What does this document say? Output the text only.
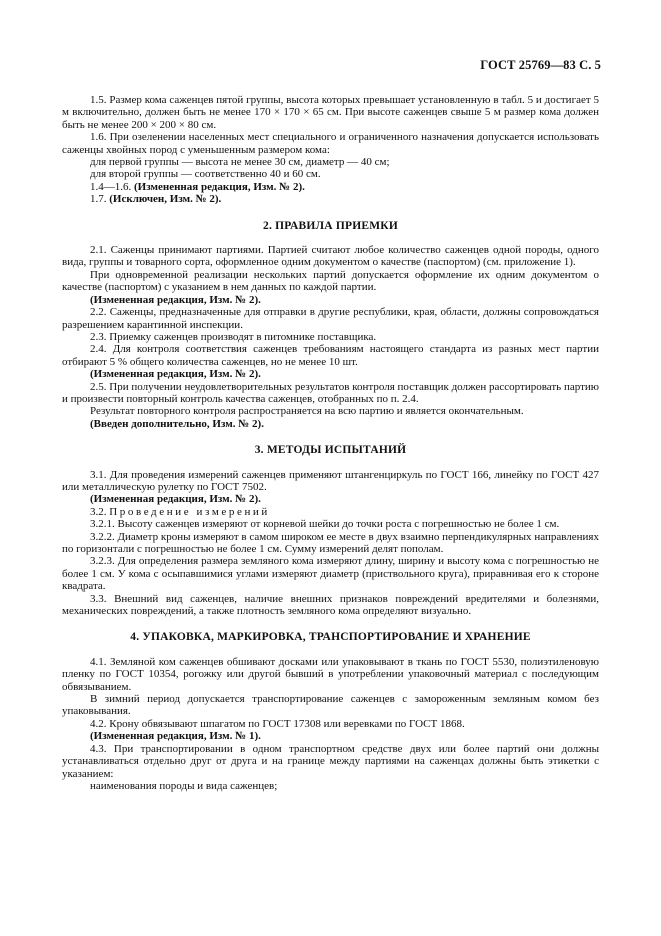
ГОСТ 25769—83 С. 5

1.5. Размер кома саженцев пятой группы, высота которых превышает установленную в табл. 5 и достигает 5 м включительно, должен быть не менее 170 × 170 × 65 см. При высоте саженцев свыше 5 м размер кома должен быть не менее 200 × 200 × 80 см.

1.6. При озеленении населенных мест специального и ограниченного назначения допускается использовать саженцы хвойных пород с уменьшенным размером кома:

для первой группы — высота не менее 30 см, диаметр — 40 см;

для второй группы — соответственно 40 и 60 см.

1.4—1.6. (Измененная редакция, Изм. № 2).

1.7. (Исключен, Изм. № 2).

2. ПРАВИЛА ПРИЕМКИ

2.1. Саженцы принимают партиями. Партией считают любое количество саженцев одной породы, одного вида, группы и товарного сорта, оформленное одним документом о качестве (паспортом) (см. приложение 1).

При одновременной реализации нескольких партий допускается оформление их одним документом о качестве (паспортом) с указанием в нем данных по каждой партии.

(Измененная редакция, Изм. № 2).

2.2. Саженцы, предназначенные для отправки в другие республики, края, области, должны сопровождаться разрешением карантинной инспекции.

2.3. Приемку саженцев производят в питомнике поставщика.

2.4. Для контроля соответствия саженцев требованиям настоящего стандарта из разных мест партии отбирают 5 % общего количества саженцев, но не менее 10 шт.

(Измененная редакция, Изм. № 2).

2.5. При получении неудовлетворительных результатов контроля поставщик должен рассортировать партию и произвести повторный контроль качества саженцев, отобранных по п. 2.4.

Результат повторного контроля распространяется на всю партию и является окончательным.

(Введен дополнительно, Изм. № 2).

3. МЕТОДЫ ИСПЫТАНИЙ

3.1. Для проведения измерений саженцев применяют штангенциркуль по ГОСТ 166, линейку по ГОСТ 427 или металлическую рулетку по ГОСТ 7502.

(Измененная редакция, Изм. № 2).

3.2. Проведение измерений

3.2.1. Высоту саженцев измеряют от корневой шейки до точки роста с погрешностью не более 1 см.

3.2.2. Диаметр кроны измеряют в самом широком ее месте в двух взаимно перпендикулярных направлениях по горизонтали с погрешностью не более 1 см. Сумму измерений делят пополам.

3.2.3. Для определения размера земляного кома измеряют длину, ширину и высоту кома с погрешностью не более 1 см. У кома с осыпавшимися углами измеряют диаметр (приствольного круга), приравнивая его к стороне квадрата.

3.3. Внешний вид саженцев, наличие внешних признаков повреждений вредителями и болезнями, механических повреждений, а также плотность земляного кома определяют визуально.

4. УПАКОВКА, МАРКИРОВКА, ТРАНСПОРТИРОВАНИЕ И ХРАНЕНИЕ

4.1. Земляной ком саженцев обшивают досками или упаковывают в ткань по ГОСТ 5530, полиэтиленовую пленку по ГОСТ 10354, рогожку или другой бывший в употреблении упаковочный материал с последующим обвязыванием.

В зимний период допускается транспортирование саженцев с замороженным земляным комом без упаковывания.

4.2. Крону обвязывают шпагатом по ГОСТ 17308 или веревками по ГОСТ 1868.

(Измененная редакция, Изм. № 1).

4.3. При транспортировании в одном транспортном средстве двух или более партий они должны устанавливаться отдельно друг от друга и на границе между партиями на саженцах должны быть этикетки с указанием:

наименования породы и вида саженцев;
